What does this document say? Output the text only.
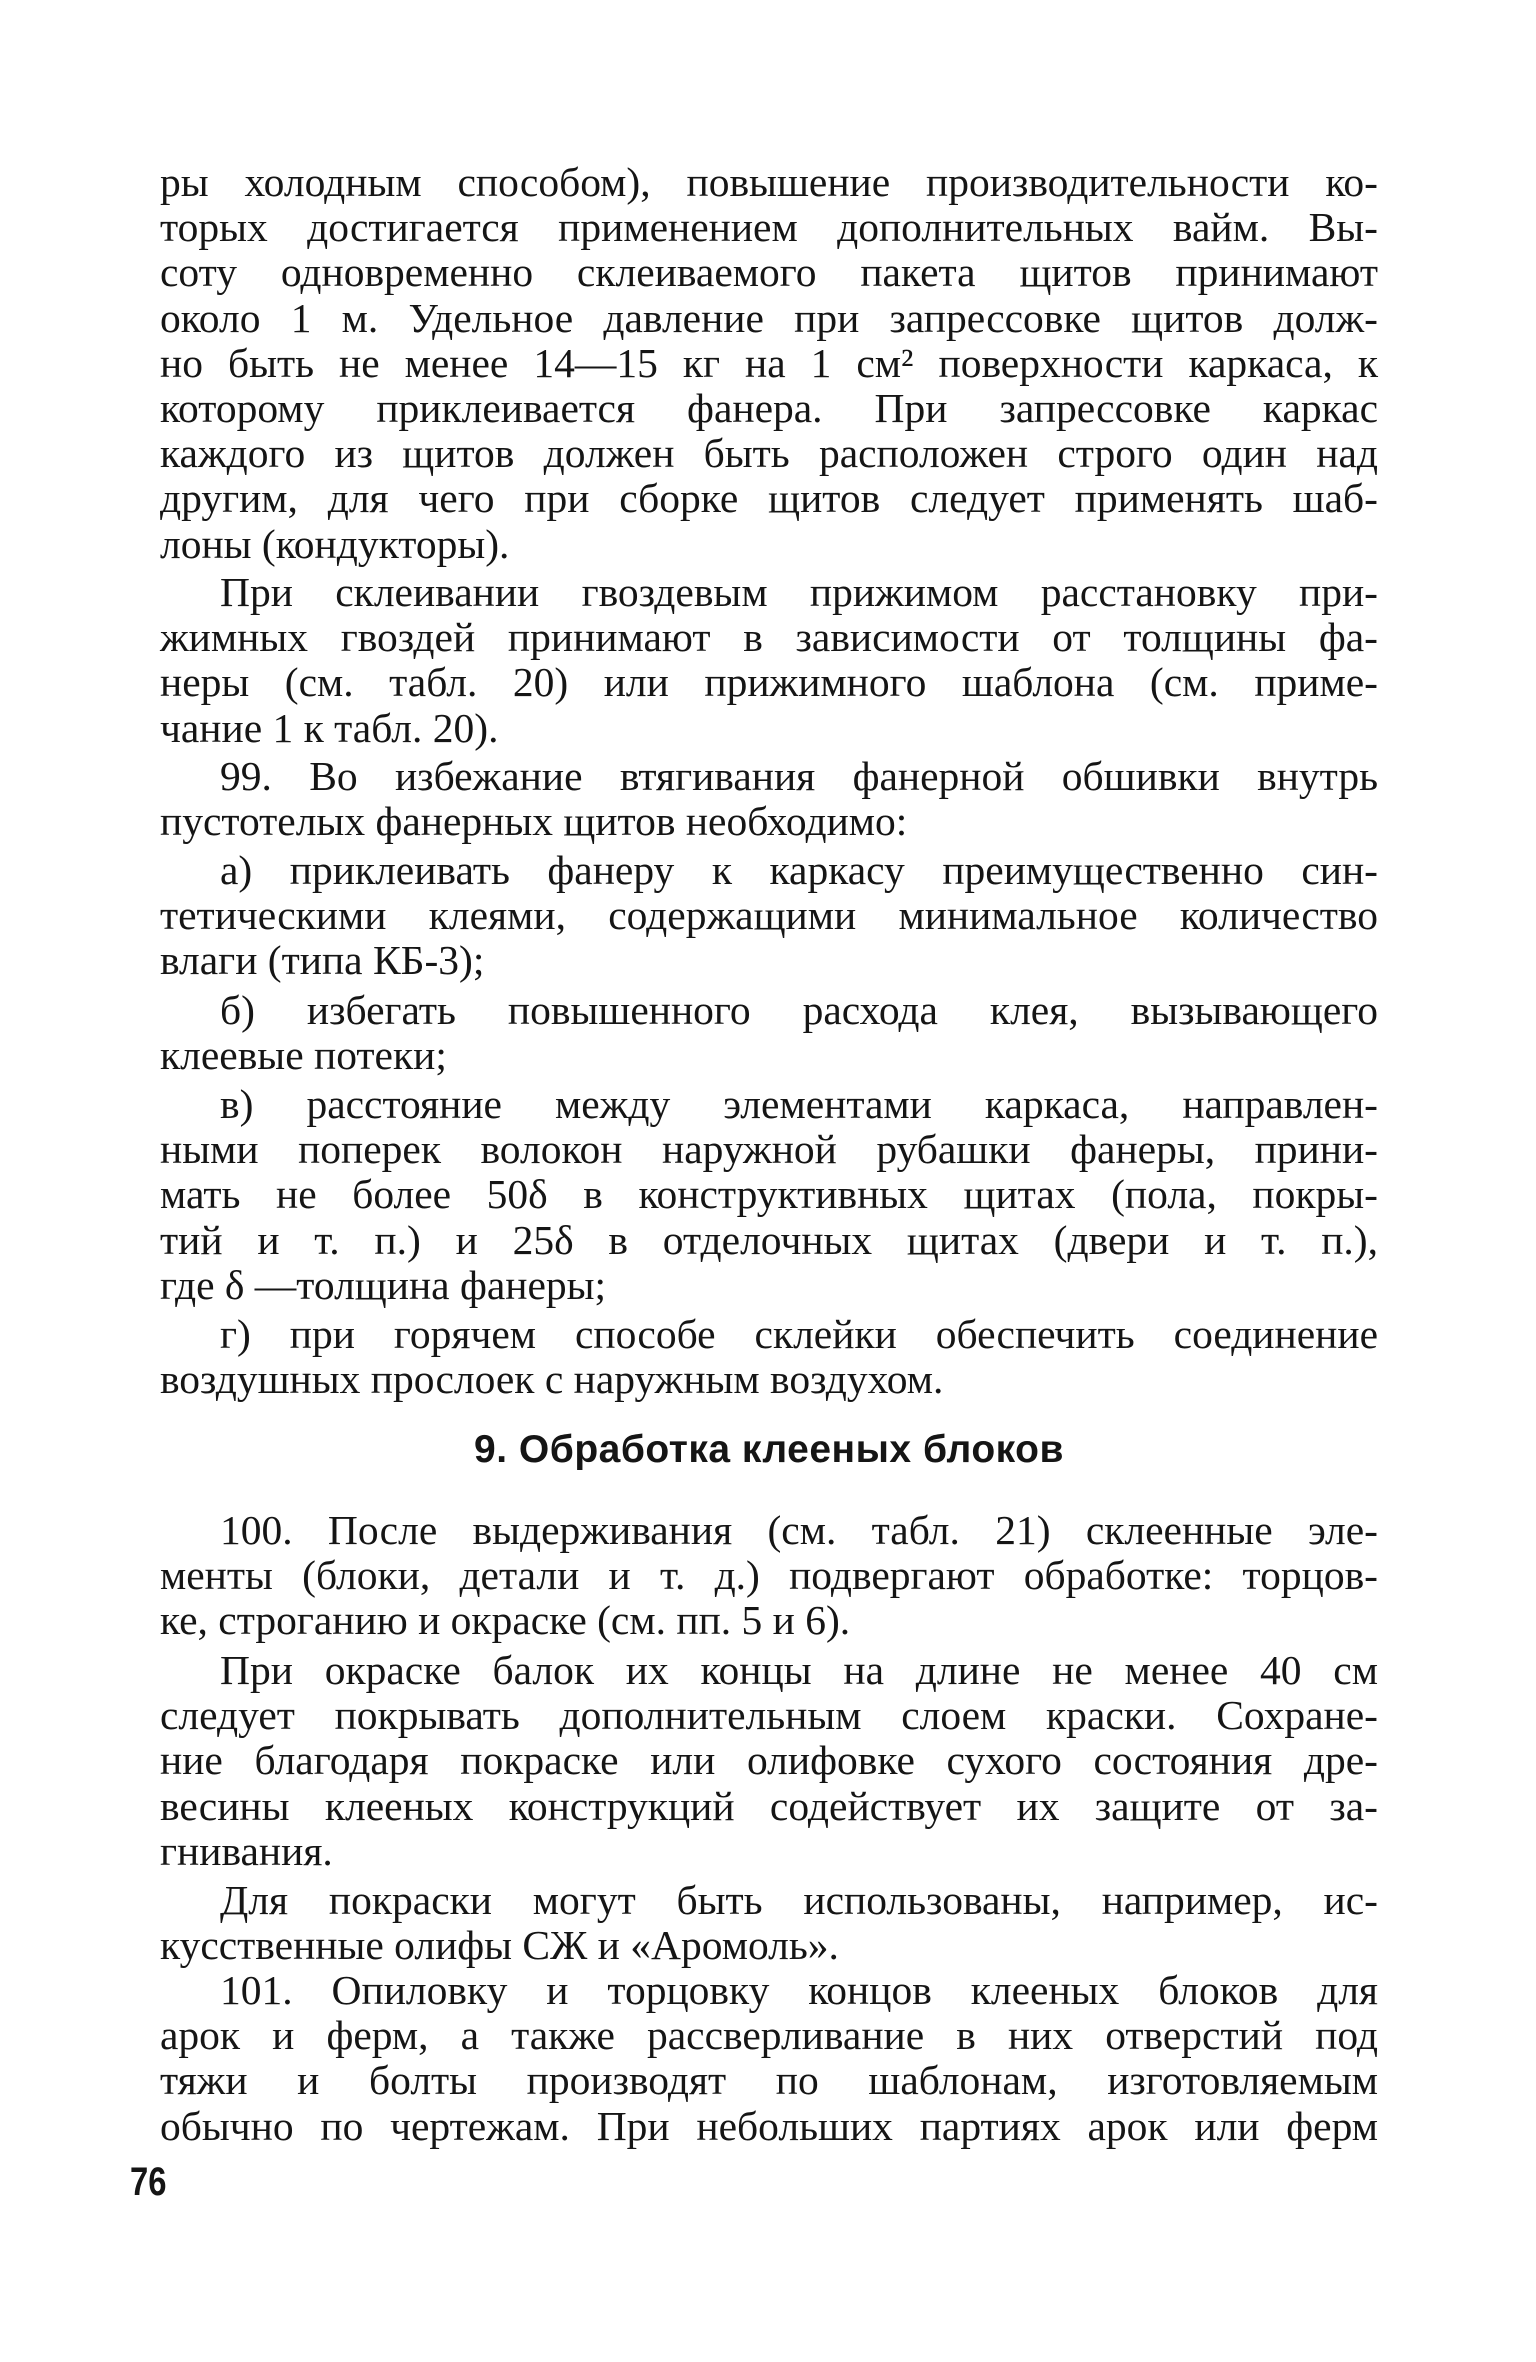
ры холодным способом), повышение производительности ко-
торых достигается применением дополнительных вайм. Вы-
соту одновременно склеиваемого пакета щитов принимают
около 1 м. Удельное давление при запрессовке щитов долж-
но быть не менее 14—15 кг на 1 см² поверхности каркаса, к
которому приклеивается фанера. При запрессовке каркас
каждого из щитов должен быть расположен строго один над
другим, для чего при сборке щитов следует применять шаб-
лоны (кондукторы).

При склеивании гвоздевым прижимом расстановку при-
жимных гвоздей принимают в зависимости от толщины фа-
неры (см. табл. 20) или прижимного шаблона (см. приме-
чание 1 к табл. 20).

99. Во избежание втягивания фанерной обшивки внутрь
пустотелых фанерных щитов необходимо:

а) приклеивать фанеру к каркасу преимущественно син-
тетическими клеями, содержащими минимальное количество
влаги (типа КБ-3);

б) избегать повышенного расхода клея, вызывающего
клеевые потеки;

в) расстояние между элементами каркаса, направлен-
ными поперек волокон наружной рубашки фанеры, прини-
мать не более 50δ в конструктивных щитах (пола, покры-
тий и т. п.) и 25δ в отделочных щитах (двери и т. п.),
где δ —толщина фанеры;

г) при горячем способе склейки обеспечить соединение
воздушных прослоек с наружным воздухом.

9. Обработка клееных блоков

100. После выдерживания (см. табл. 21) склеенные эле-
менты (блоки, детали и т. д.) подвергают обработке: торцов-
ке, строганию и окраске (см. пп. 5 и 6).

При окраске балок их концы на длине не менее 40 см
следует покрывать дополнительным слоем краски. Сохране-
ние благодаря покраске или олифовке сухого состояния дре-
весины клееных конструкций содействует их защите от за-
гнивания.

Для покраски могут быть использованы, например, ис-
кусственные олифы СЖ и «Аромоль».

101. Опиловку и торцовку концов клееных блоков для
арок и ферм, а также рассверливание в них отверстий под
тяжи и болты производят по шаблонам, изготовляемым
обычно по чертежам. При небольших партиях арок или ферм

76
